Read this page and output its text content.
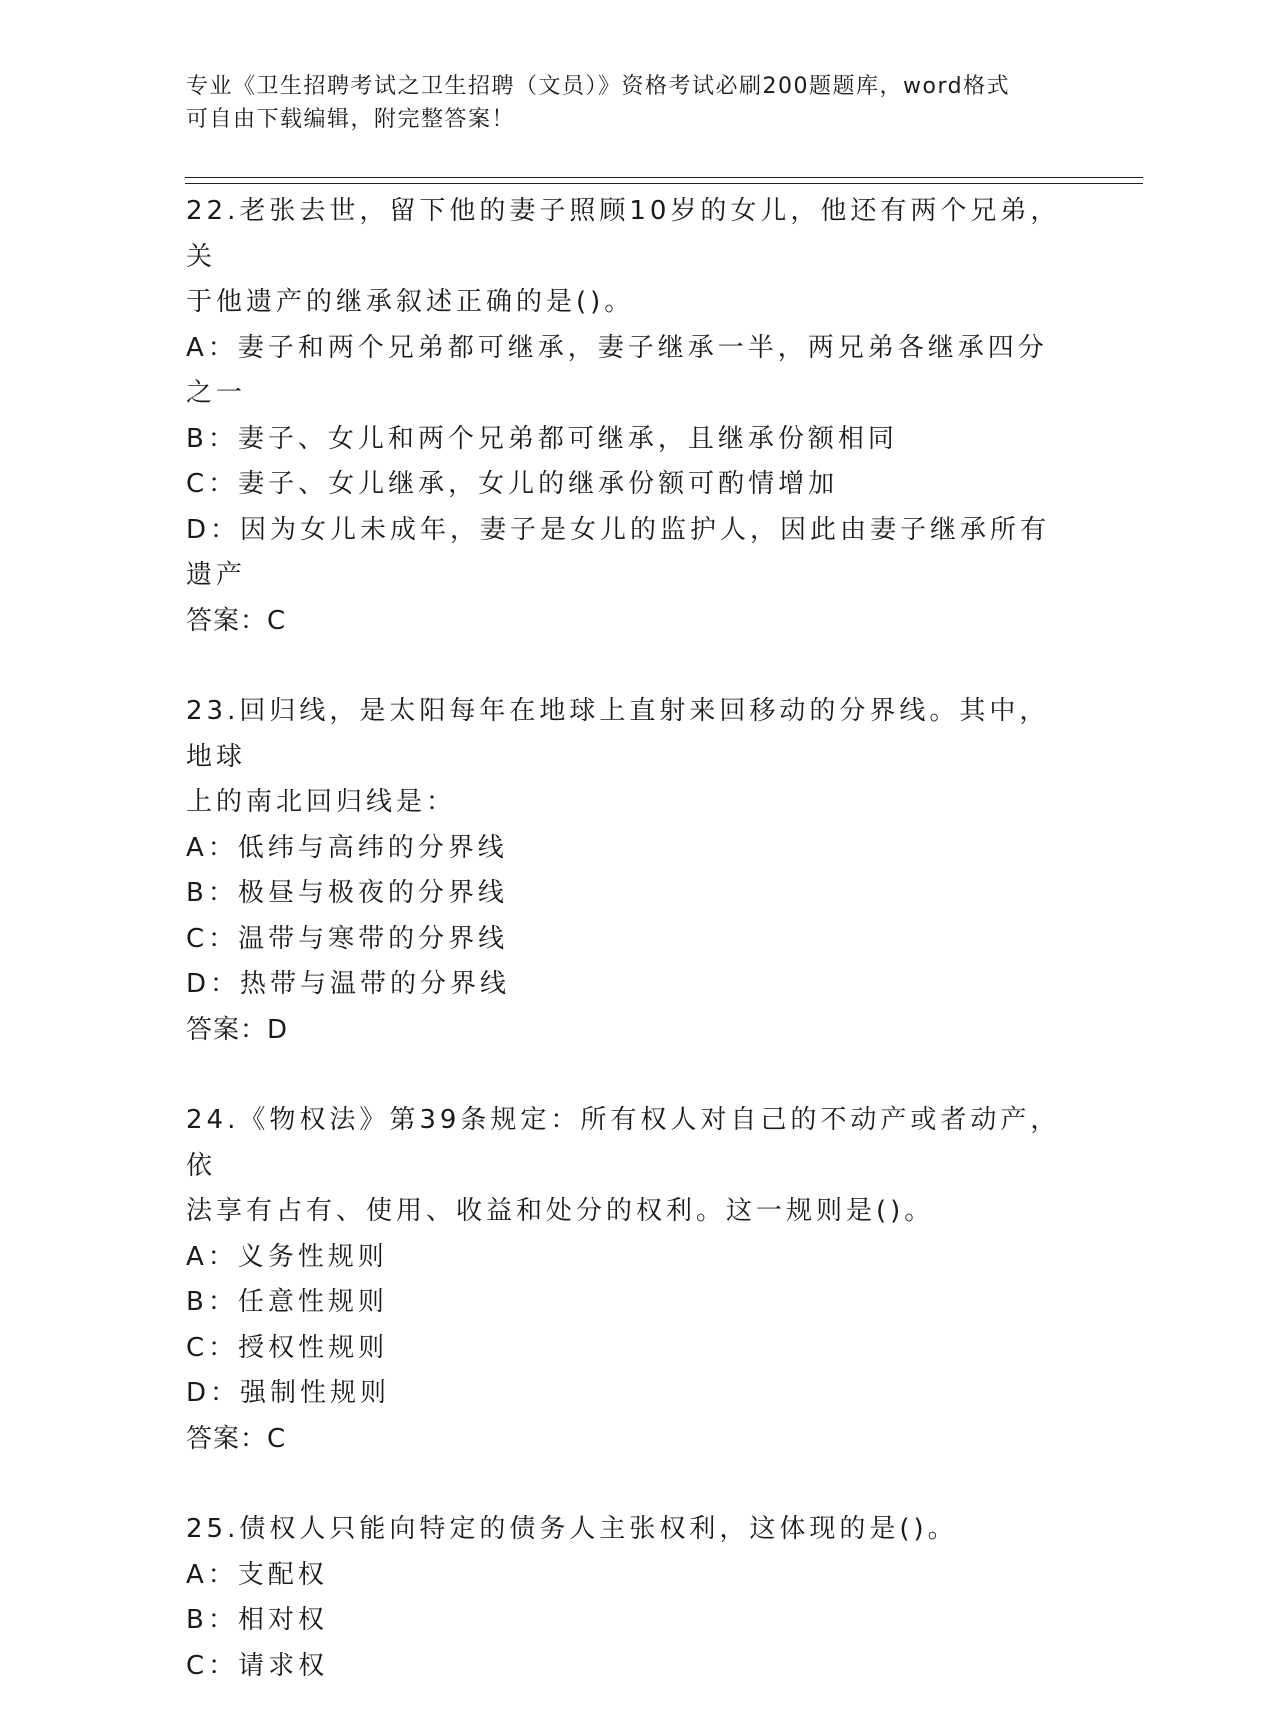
专业《卫生招聘考试之卫生招聘（文员）》资格考试必刷200题题库，word格式
可自由下载编辑，附完整答案！

22.老张去世，留下他的妻子照顾10岁的女儿，他还有两个兄弟，关

于他遗产的继承叙述正确的是()。

A：妻子和两个兄弟都可继承，妻子继承一半，两兄弟各继承四分之一

B：妻子、女儿和两个兄弟都可继承，且继承份额相同

C：妻子、女儿继承，女儿的继承份额可酌情增加

D：因为女儿未成年，妻子是女儿的监护人，因此由妻子继承所有遗产

答案：C

23.回归线，是太阳每年在地球上直射来回移动的分界线。其中，地球

上的南北回归线是：

A：低纬与高纬的分界线

B：极昼与极夜的分界线

C：温带与寒带的分界线

D：热带与温带的分界线

答案：D

24.《物权法》第39条规定：所有权人对自己的不动产或者动产，依

法享有占有、使用、收益和处分的权利。这一规则是()。

A：义务性规则

B：任意性规则

C：授权性规则

D：强制性规则

答案：C

25.债权人只能向特定的债务人主张权利，这体现的是()。

A：支配权

B：相对权

C：请求权
